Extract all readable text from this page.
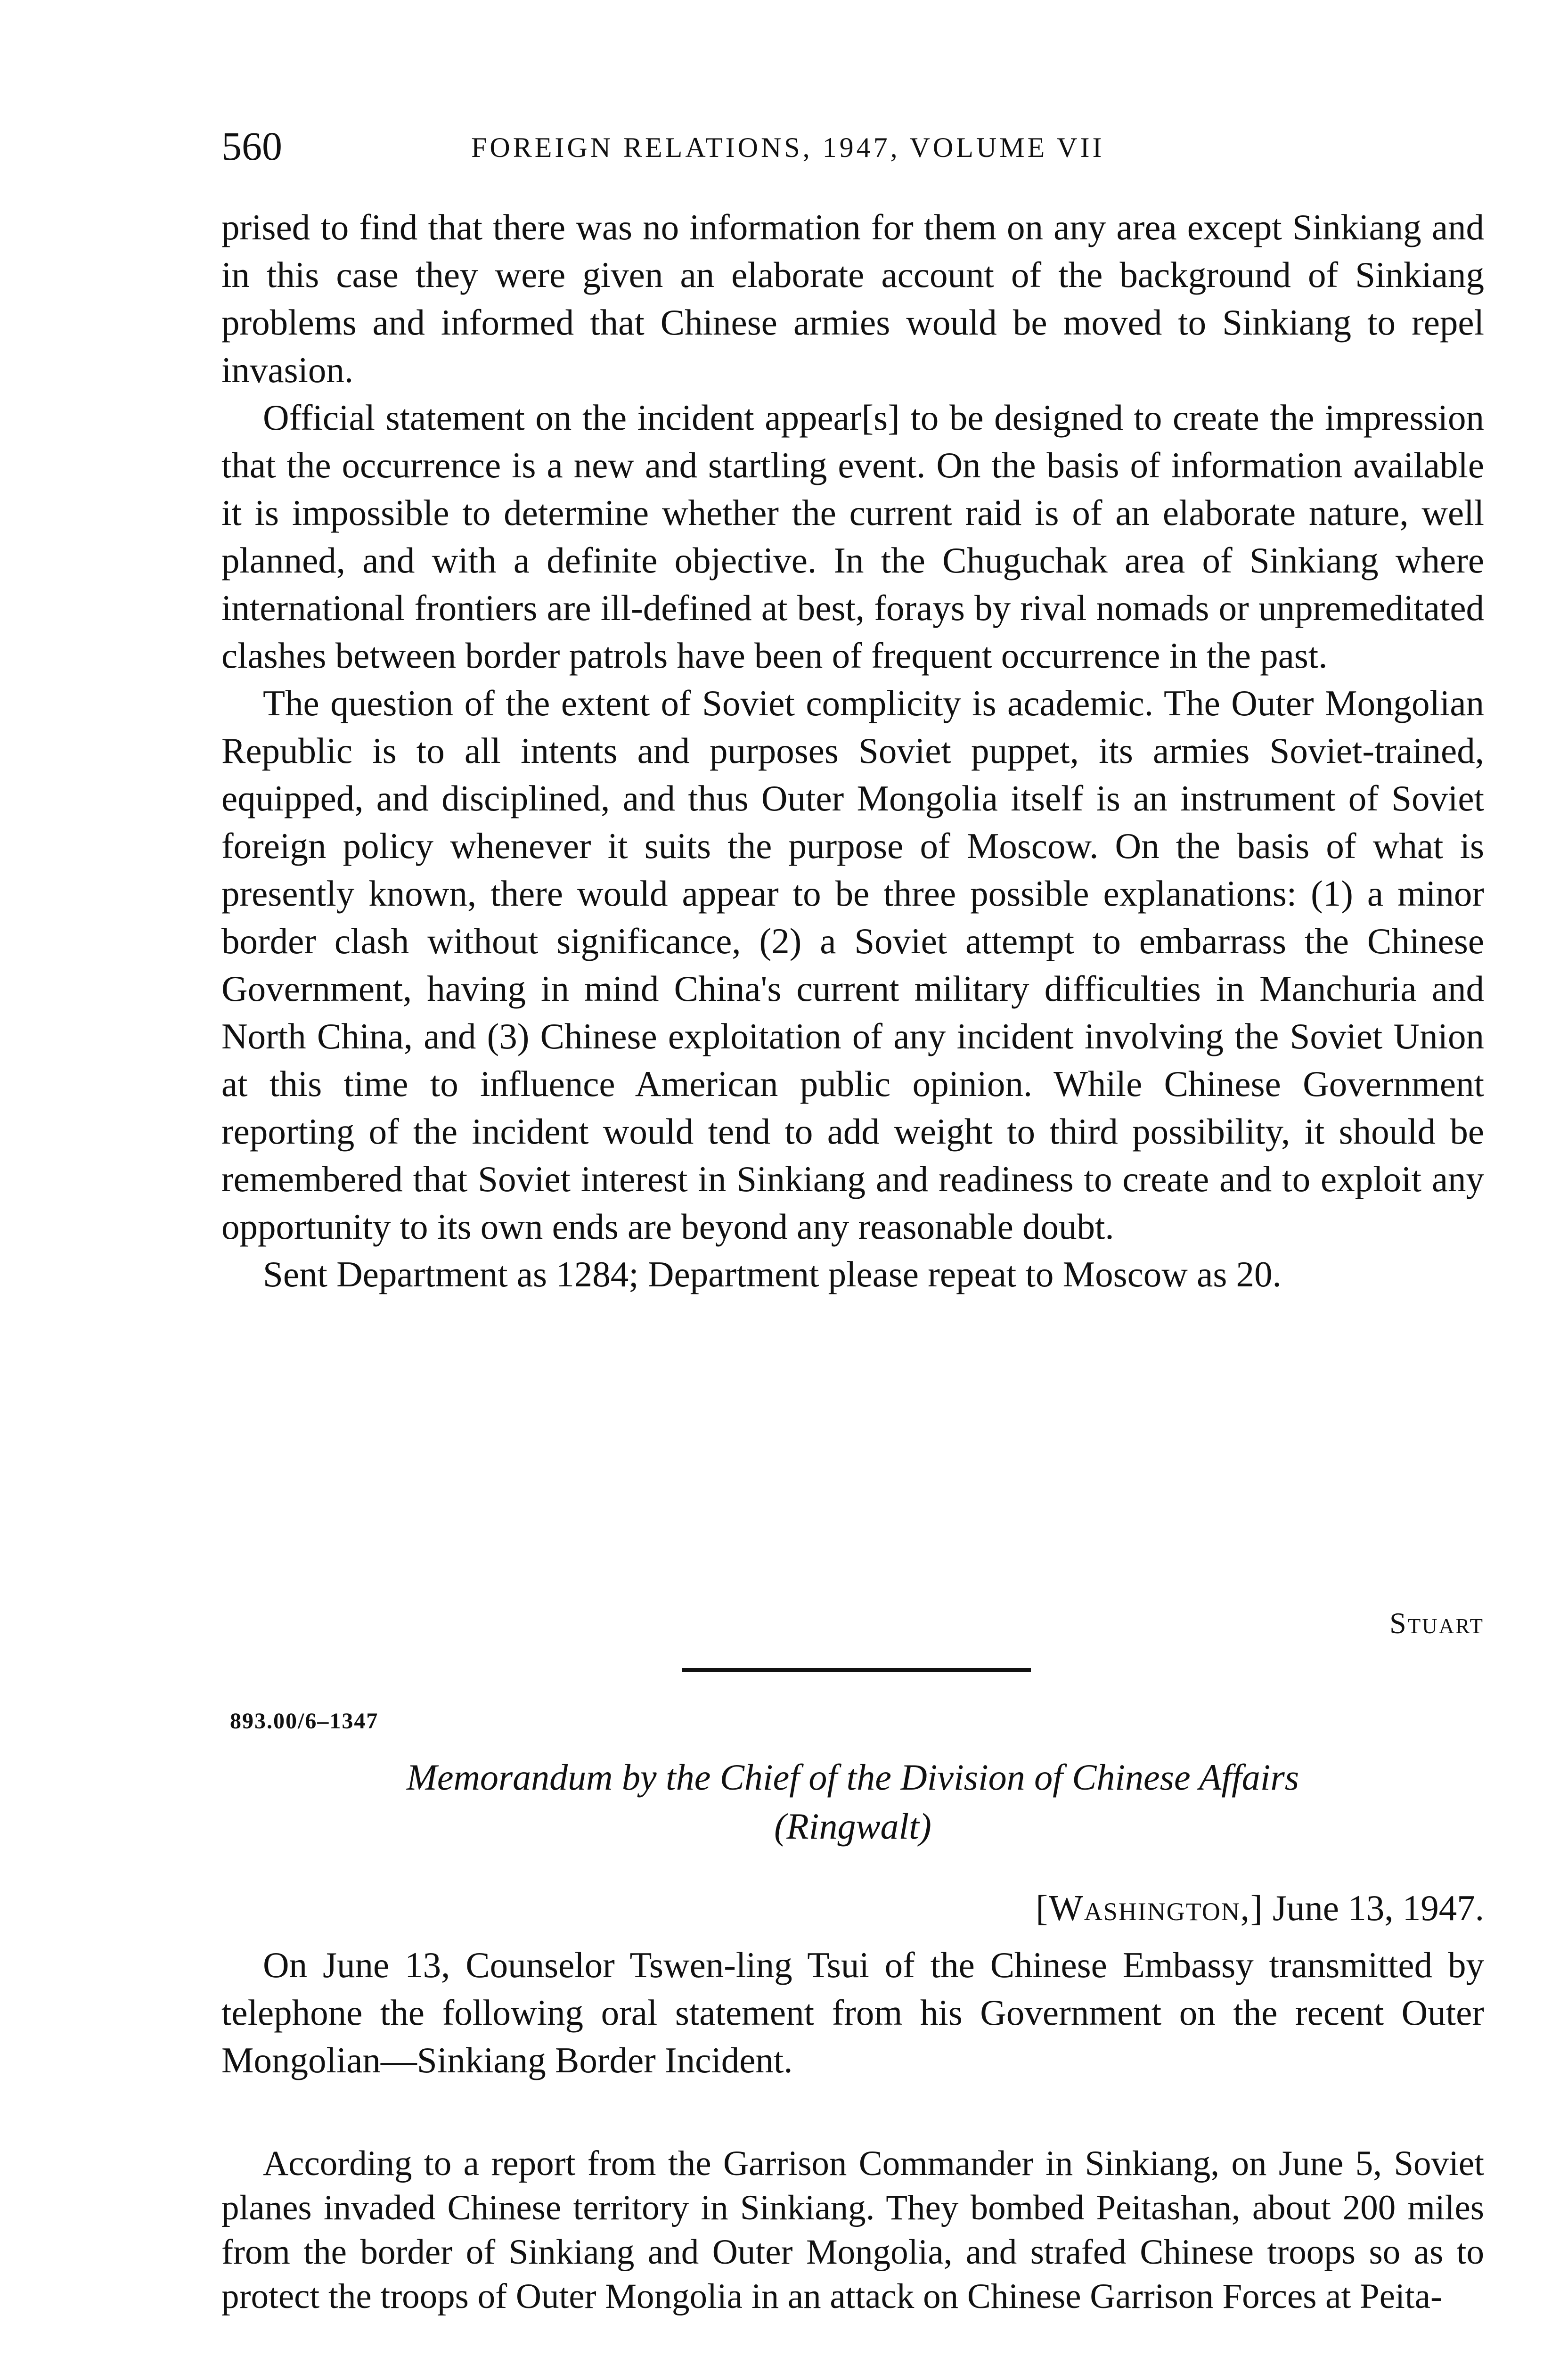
560	FOREIGN RELATIONS, 1947, VOLUME VII

prised to find that there was no information for them on any area except Sinkiang and in this case they were given an elaborate account of the background of Sinkiang problems and informed that Chinese armies would be moved to Sinkiang to repel invasion.

Official statement on the incident appear[s] to be designed to create the impression that the occurrence is a new and startling event. On the basis of information available it is impossible to determine whether the current raid is of an elaborate nature, well planned, and with a definite objective. In the Chuguchak area of Sinkiang where international frontiers are ill-defined at best, forays by rival nomads or unpremeditated clashes between border patrols have been of frequent occurrence in the past.

The question of the extent of Soviet complicity is academic. The Outer Mongolian Republic is to all intents and purposes Soviet puppet, its armies Soviet-trained, equipped, and disciplined, and thus Outer Mongolia itself is an instrument of Soviet foreign policy whenever it suits the purpose of Moscow. On the basis of what is presently known, there would appear to be three possible explanations: (1) a minor border clash without significance, (2) a Soviet attempt to embarrass the Chinese Government, having in mind China's current military difficulties in Manchuria and North China, and (3) Chinese exploitation of any incident involving the Soviet Union at this time to influence American public opinion. While Chinese Government reporting of the incident would tend to add weight to third possibility, it should be remembered that Soviet interest in Sinkiang and readiness to create and to exploit any opportunity to its own ends are beyond any reasonable doubt.

Sent Department as 1284; Department please repeat to Moscow as 20.

Stuart
893.00/6–1347
Memorandum by the Chief of the Division of Chinese Affairs
(Ringwalt)
[Washington,] June 13, 1947.

On June 13, Counselor Tswen-ling Tsui of the Chinese Embassy transmitted by telephone the following oral statement from his Government on the recent Outer Mongolian—Sinkiang Border Incident.

According to a report from the Garrison Commander in Sinkiang, on June 5, Soviet planes invaded Chinese territory in Sinkiang. They bombed Peitashan, about 200 miles from the border of Sinkiang and Outer Mongolia, and strafed Chinese troops so as to protect the troops of Outer Mongolia in an attack on Chinese Garrison Forces at Peita-
